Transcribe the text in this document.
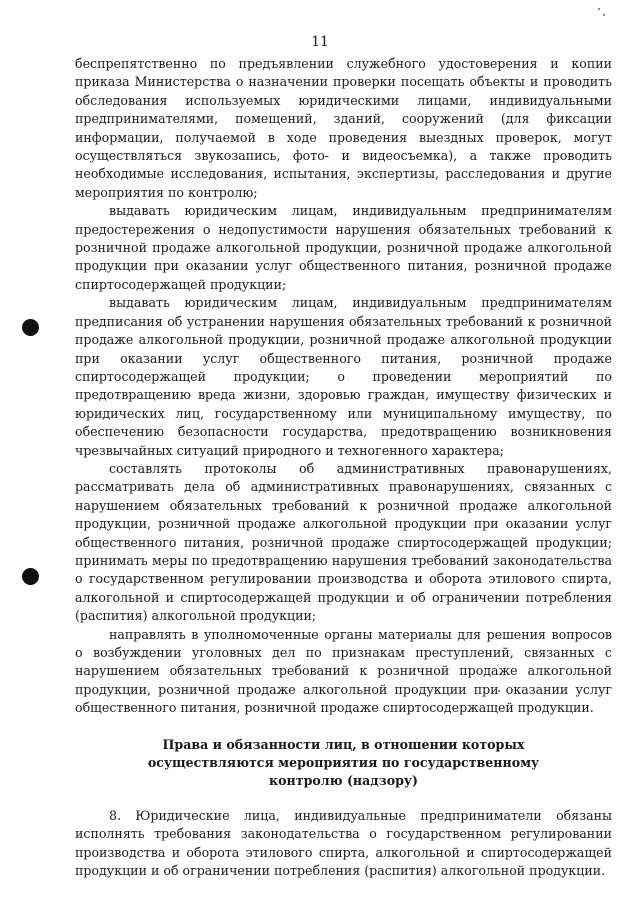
11

беспрепятственно по предъявлении служебного удостоверения и копии приказа Министерства о назначении проверки посещать объекты и проводить обследования используемых юридическими лицами, индивидуальными предпринимателями, помещений, зданий, сооружений (для фиксации информации, получаемой в ходе проведения выездных проверок, могут осуществляться звукозапись, фото- и видеосъемка), а также проводить необходимые исследования, испытания, экспертизы, расследования и другие мероприятия по контролю;

выдавать юридическим лицам, индивидуальным предпринимателям предостережения о недопустимости нарушения обязательных требований к розничной продаже алкогольной продукции, розничной продаже алкогольной продукции при оказании услуг общественного питания, розничной продаже спиртосодержащей продукции;

выдавать юридическим лицам, индивидуальным предпринимателям предписания об устранении нарушения обязательных требований к розничной продаже алкогольной продукции, розничной продаже алкогольной продукции при оказании услуг общественного питания, розничной продаже спиртосодержащей продукции; о проведении мероприятий по предотвращению вреда жизни, здоровью граждан, имуществу физических и юридических лиц, государственному или муниципальному имуществу, по обеспечению безопасности государства, предотвращению возникновения чрезвычайных ситуаций природного и техногенного характера;

составлять протоколы об административных правонарушениях, рассматривать дела об административных правонарушениях, связанных с нарушением обязательных требований к розничной продаже алкогольной продукции, розничной продаже алкогольной продукции при оказании услуг общественного питания, розничной продаже спиртосодержащей продукции; принимать меры по предотвращению нарушения требований законодательства о государственном регулировании производства и оборота этилового спирта, алкогольной и спиртосодержащей продукции и об ограничении потребления (распития) алкогольной продукции;

направлять в уполномоченные органы материалы для решения вопросов о возбуждении уголовных дел по признакам преступлений, связанных с нарушением обязательных требований к розничной продаже алкогольной продукции, розничной продаже алкогольной продукции при оказании услуг общественного питания, розничной продаже спиртосодержащей продукции.

Права и обязанности лиц, в отношении которых осуществляются мероприятия по государственному контролю (надзору)

8. Юридические лица, индивидуальные предприниматели обязаны исполнять требования законодательства о государственном регулировании производства и оборота этилового спирта, алкогольной и спиртосодержащей продукции и об ограничении потребления (распития) алкогольной продукции.
